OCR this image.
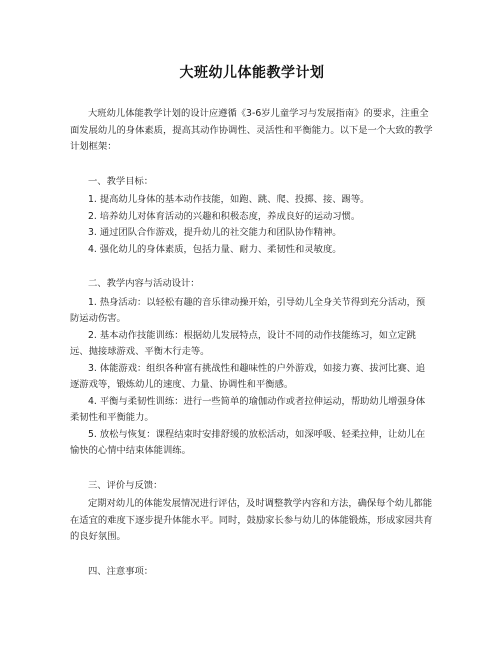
大班幼儿体能教学计划

大班幼儿体能教学计划的设计应遵循《3-6岁儿童学习与发展指南》的要求，注重全面发展幼儿的身体素质，提高其动作协调性、灵活性和平衡能力。以下是一个大致的教学计划框架：

一、教学目标：

1. 提高幼儿身体的基本动作技能，如跑、跳、爬、投掷、接、踢等。

2. 培养幼儿对体育活动的兴趣和积极态度，养成良好的运动习惯。

3. 通过团队合作游戏，提升幼儿的社交能力和团队协作精神。

4. 强化幼儿的身体素质，包括力量、耐力、柔韧性和灵敏度。

二、教学内容与活动设计：

1. 热身活动：以轻松有趣的音乐律动操开始，引导幼儿全身关节得到充分活动，预防运动伤害。

2. 基本动作技能训练：根据幼儿发展特点，设计不同的动作技能练习，如立定跳远、抛接球游戏、平衡木行走等。

3. 体能游戏：组织各种富有挑战性和趣味性的户外游戏，如接力赛、拔河比赛、追逐游戏等，锻炼幼儿的速度、力量、协调性和平衡感。

4. 平衡与柔韧性训练：进行一些简单的瑜伽动作或者拉伸运动，帮助幼儿增强身体柔韧性和平衡能力。

5. 放松与恢复：课程结束时安排舒缓的放松活动，如深呼吸、轻柔拉伸，让幼儿在愉快的心情中结束体能训练。

三、评价与反馈：

定期对幼儿的体能发展情况进行评估，及时调整教学内容和方法，确保每个幼儿都能在适宜的难度下逐步提升体能水平。同时，鼓励家长参与幼儿的体能锻炼，形成家园共育的良好氛围。

四、注意事项：
